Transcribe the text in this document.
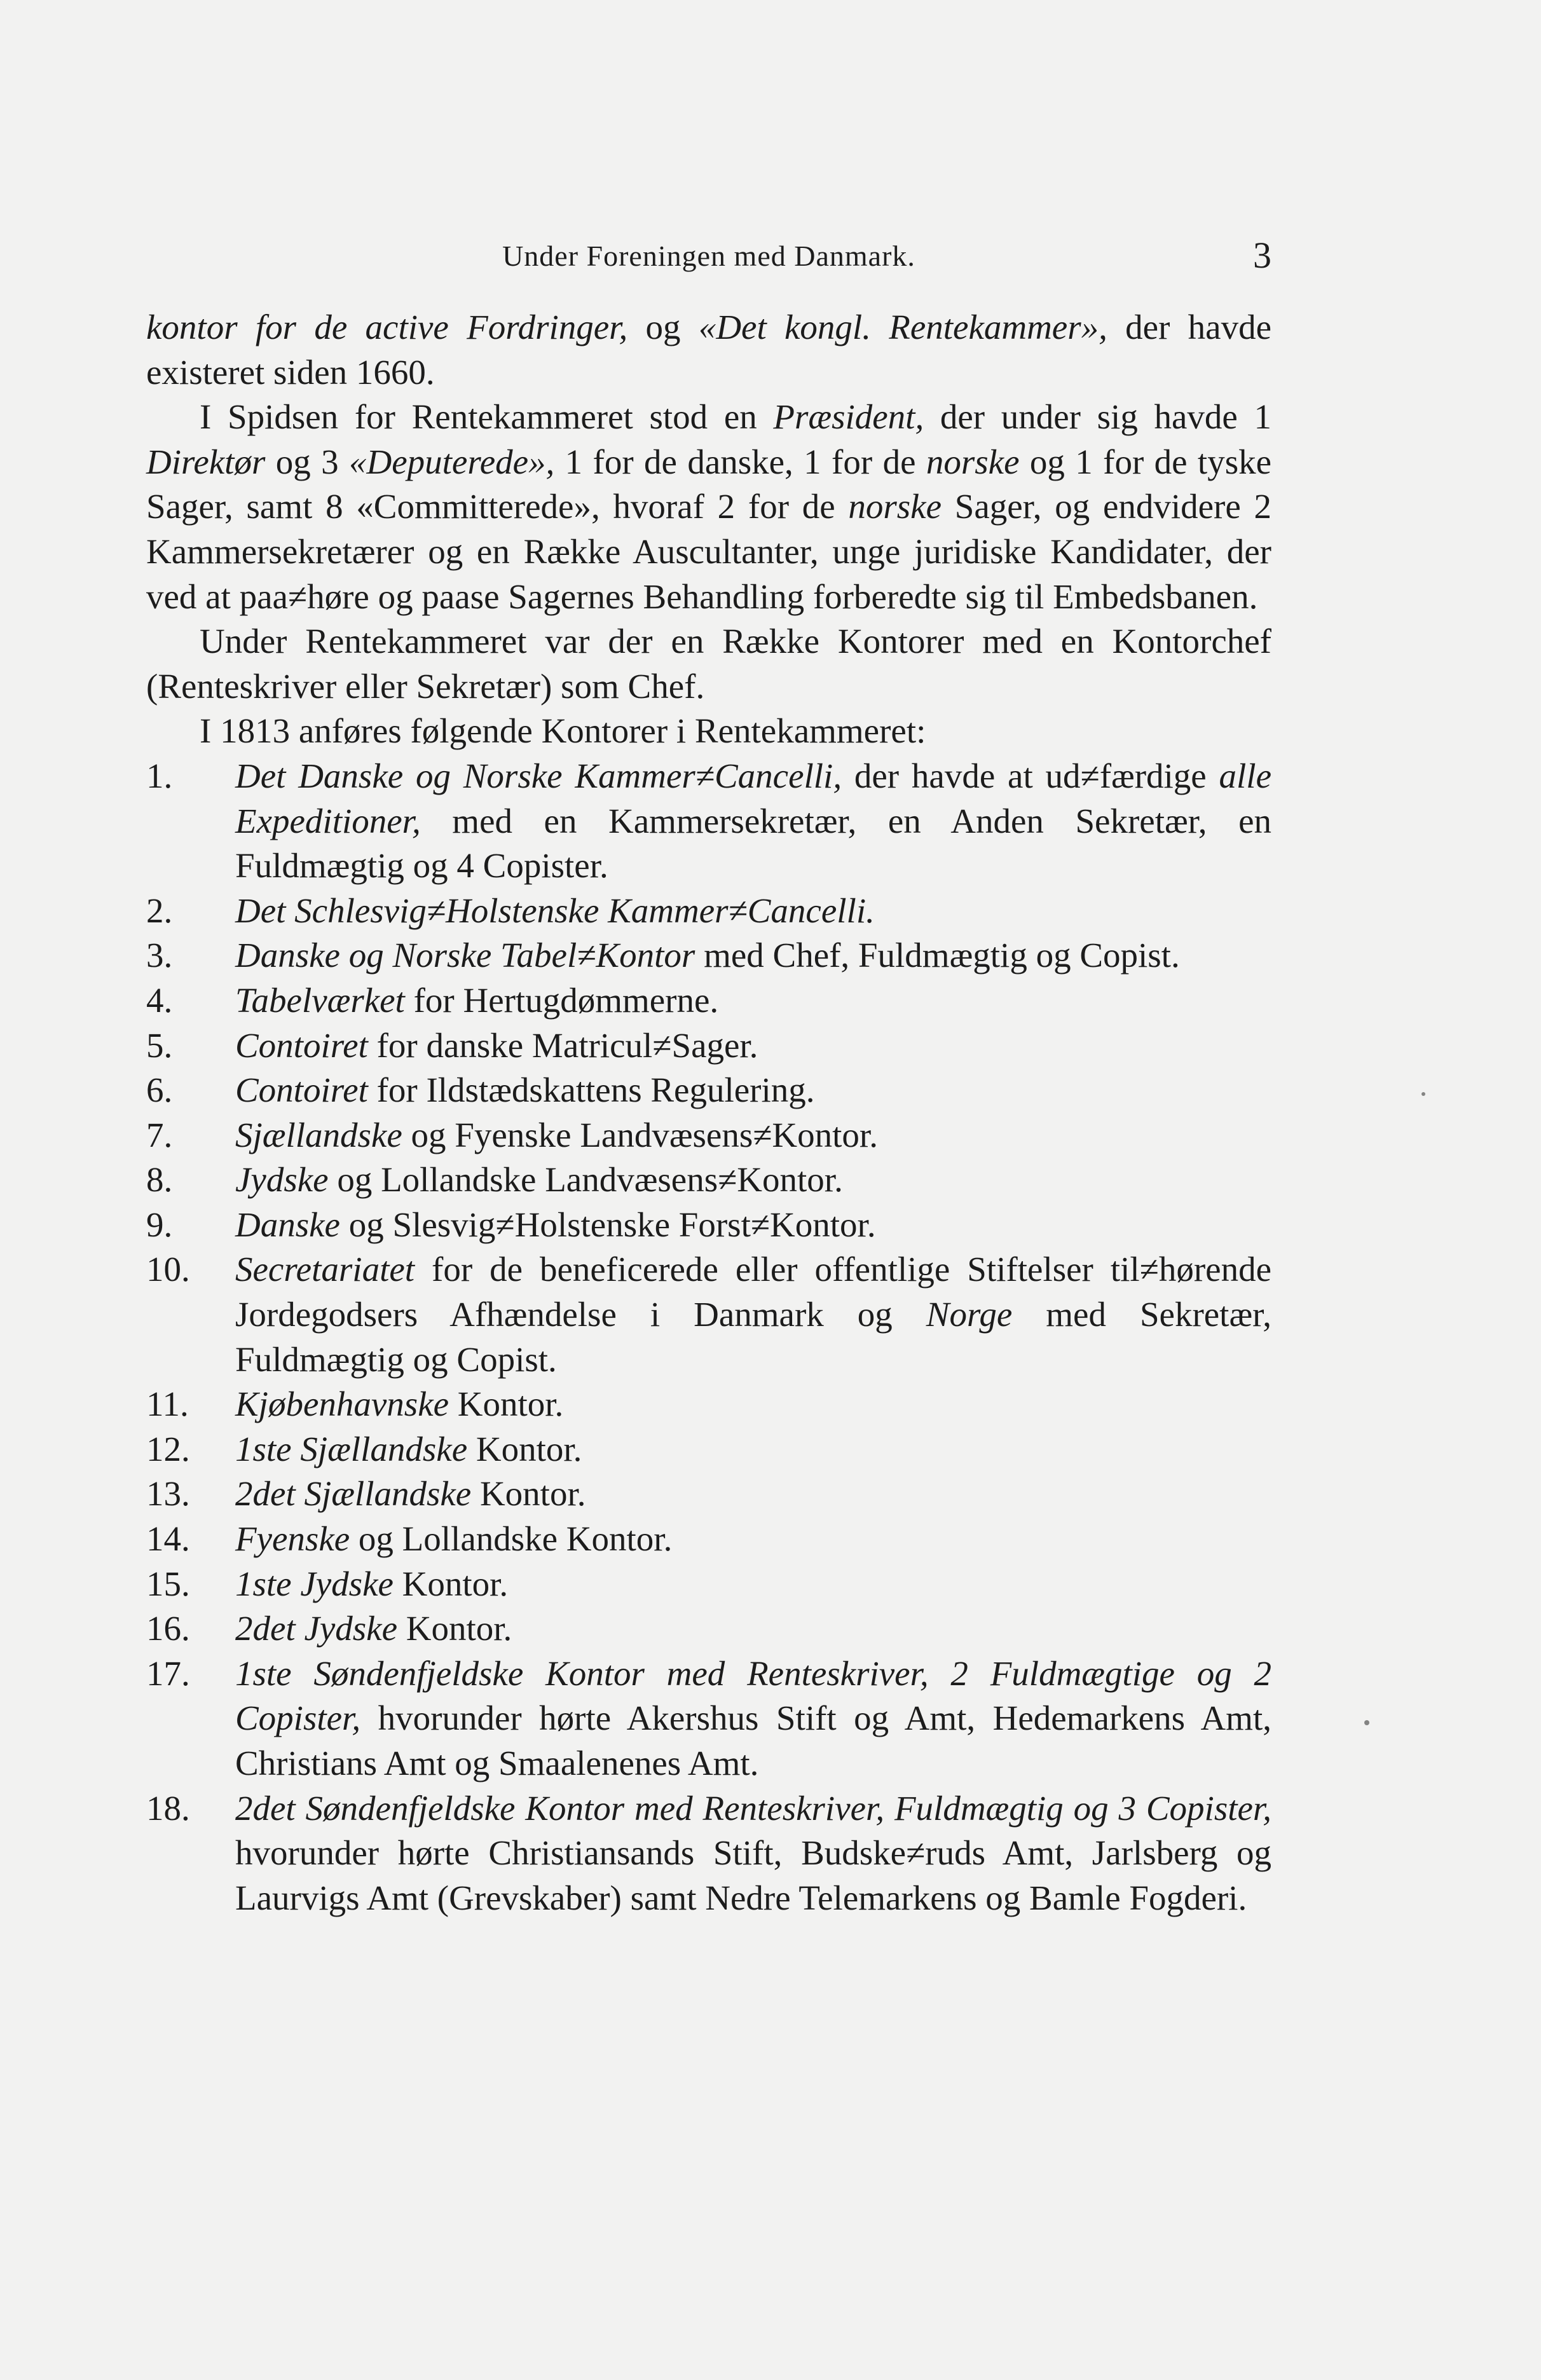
Under Foreningen med Danmark.	3

kontor for de active Fordringer, og «Det kongl. Rentekammer», der havde existeret siden 1660.

I Spidsen for Rentekammeret stod en Præsident, der under sig havde 1 Direktør og 3 «Deputerede», 1 for de danske, 1 for de norske og 1 for de tyske Sager, samt 8 «Committerede», hvoraf 2 for de norske Sager, og endvidere 2 Kammersekretærer og en Række Auscultanter, unge juridiske Kandidater, der ved at paa≠høre og paase Sagernes Behandling forberedte sig til Embedsbanen.

Under Rentekammeret var der en Række Kontorer med en Kontorchef (Renteskriver eller Sekretær) som Chef.

I 1813 anføres følgende Kontorer i Rentekammeret:

1.	Det Danske og Norske Kammer≠Cancelli, der havde at ud≠færdige alle Expeditioner, med en Kammersekretær, en Anden Sekretær, en Fuldmægtig og 4 Copister.
2.	Det Schlesvig≠Holstenske Kammer≠Cancelli.
3.	Danske og Norske Tabel≠Kontor med Chef, Fuldmægtig og Copist.
4.	Tabelværket for Hertugdømmerne.
5.	Contoiret for danske Matricul≠Sager.
6.	Contoiret for Ildstædskattens Regulering.
7.	Sjællandske og Fyenske Landvæsens≠Kontor.
8.	Jydske og Lollandske Landvæsens≠Kontor.
9.	Danske og Slesvig≠Holstenske Forst≠Kontor.
10.	Secretariatet for de beneficerede eller offentlige Stiftelser til≠hørende Jordegodsers Afhændelse i Danmark og Norge med Sekretær, Fuldmægtig og Copist.
11.	Kjøbenhavnske Kontor.
12.	1ste Sjællandske Kontor.
13.	2det Sjællandske Kontor.
14.	Fyenske og Lollandske Kontor.
15.	1ste Jydske Kontor.
16.	2det Jydske Kontor.
17.	1ste Søndenfjeldske Kontor med Renteskriver, 2 Fuldmægtige og 2 Copister, hvorunder hørte Akershus Stift og Amt, Hedemarkens Amt, Christians Amt og Smaalenenes Amt.
18.	2det Søndenfjeldske Kontor med Renteskriver, Fuldmægtig og 3 Copister, hvorunder hørte Christiansands Stift, Budske≠ruds Amt, Jarlsberg og Laurvigs Amt (Grevskaber) samt Nedre Telemarkens og Bamle Fogderi.
